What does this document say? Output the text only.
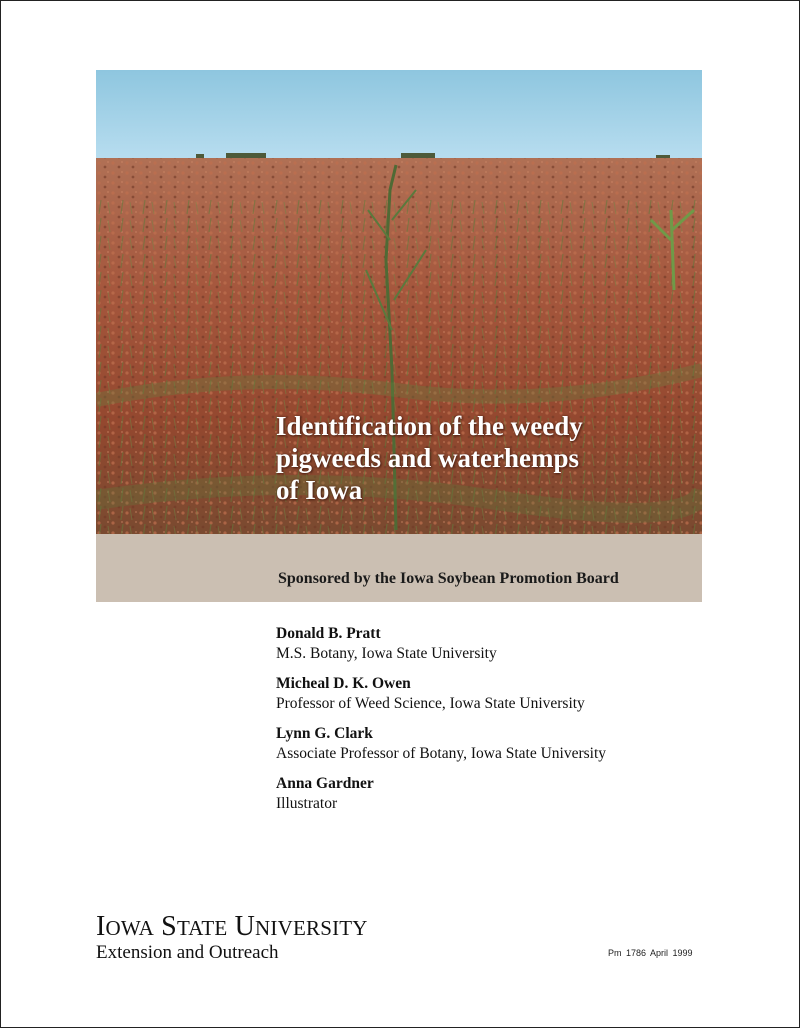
Identification of the weedy
pigweeds and waterhemps
of Iowa
Sponsored by the Iowa Soybean Promotion Board
Donald B. Pratt
M.S. Botany, Iowa State University
Micheal D. K. Owen
Professor of Weed Science, Iowa State University
Lynn G. Clark
Associate Professor of Botany, Iowa State University
Anna Gardner
Illustrator
IOWA STATE UNIVERSITY
Extension and Outreach	Pm 1786 April 1999
